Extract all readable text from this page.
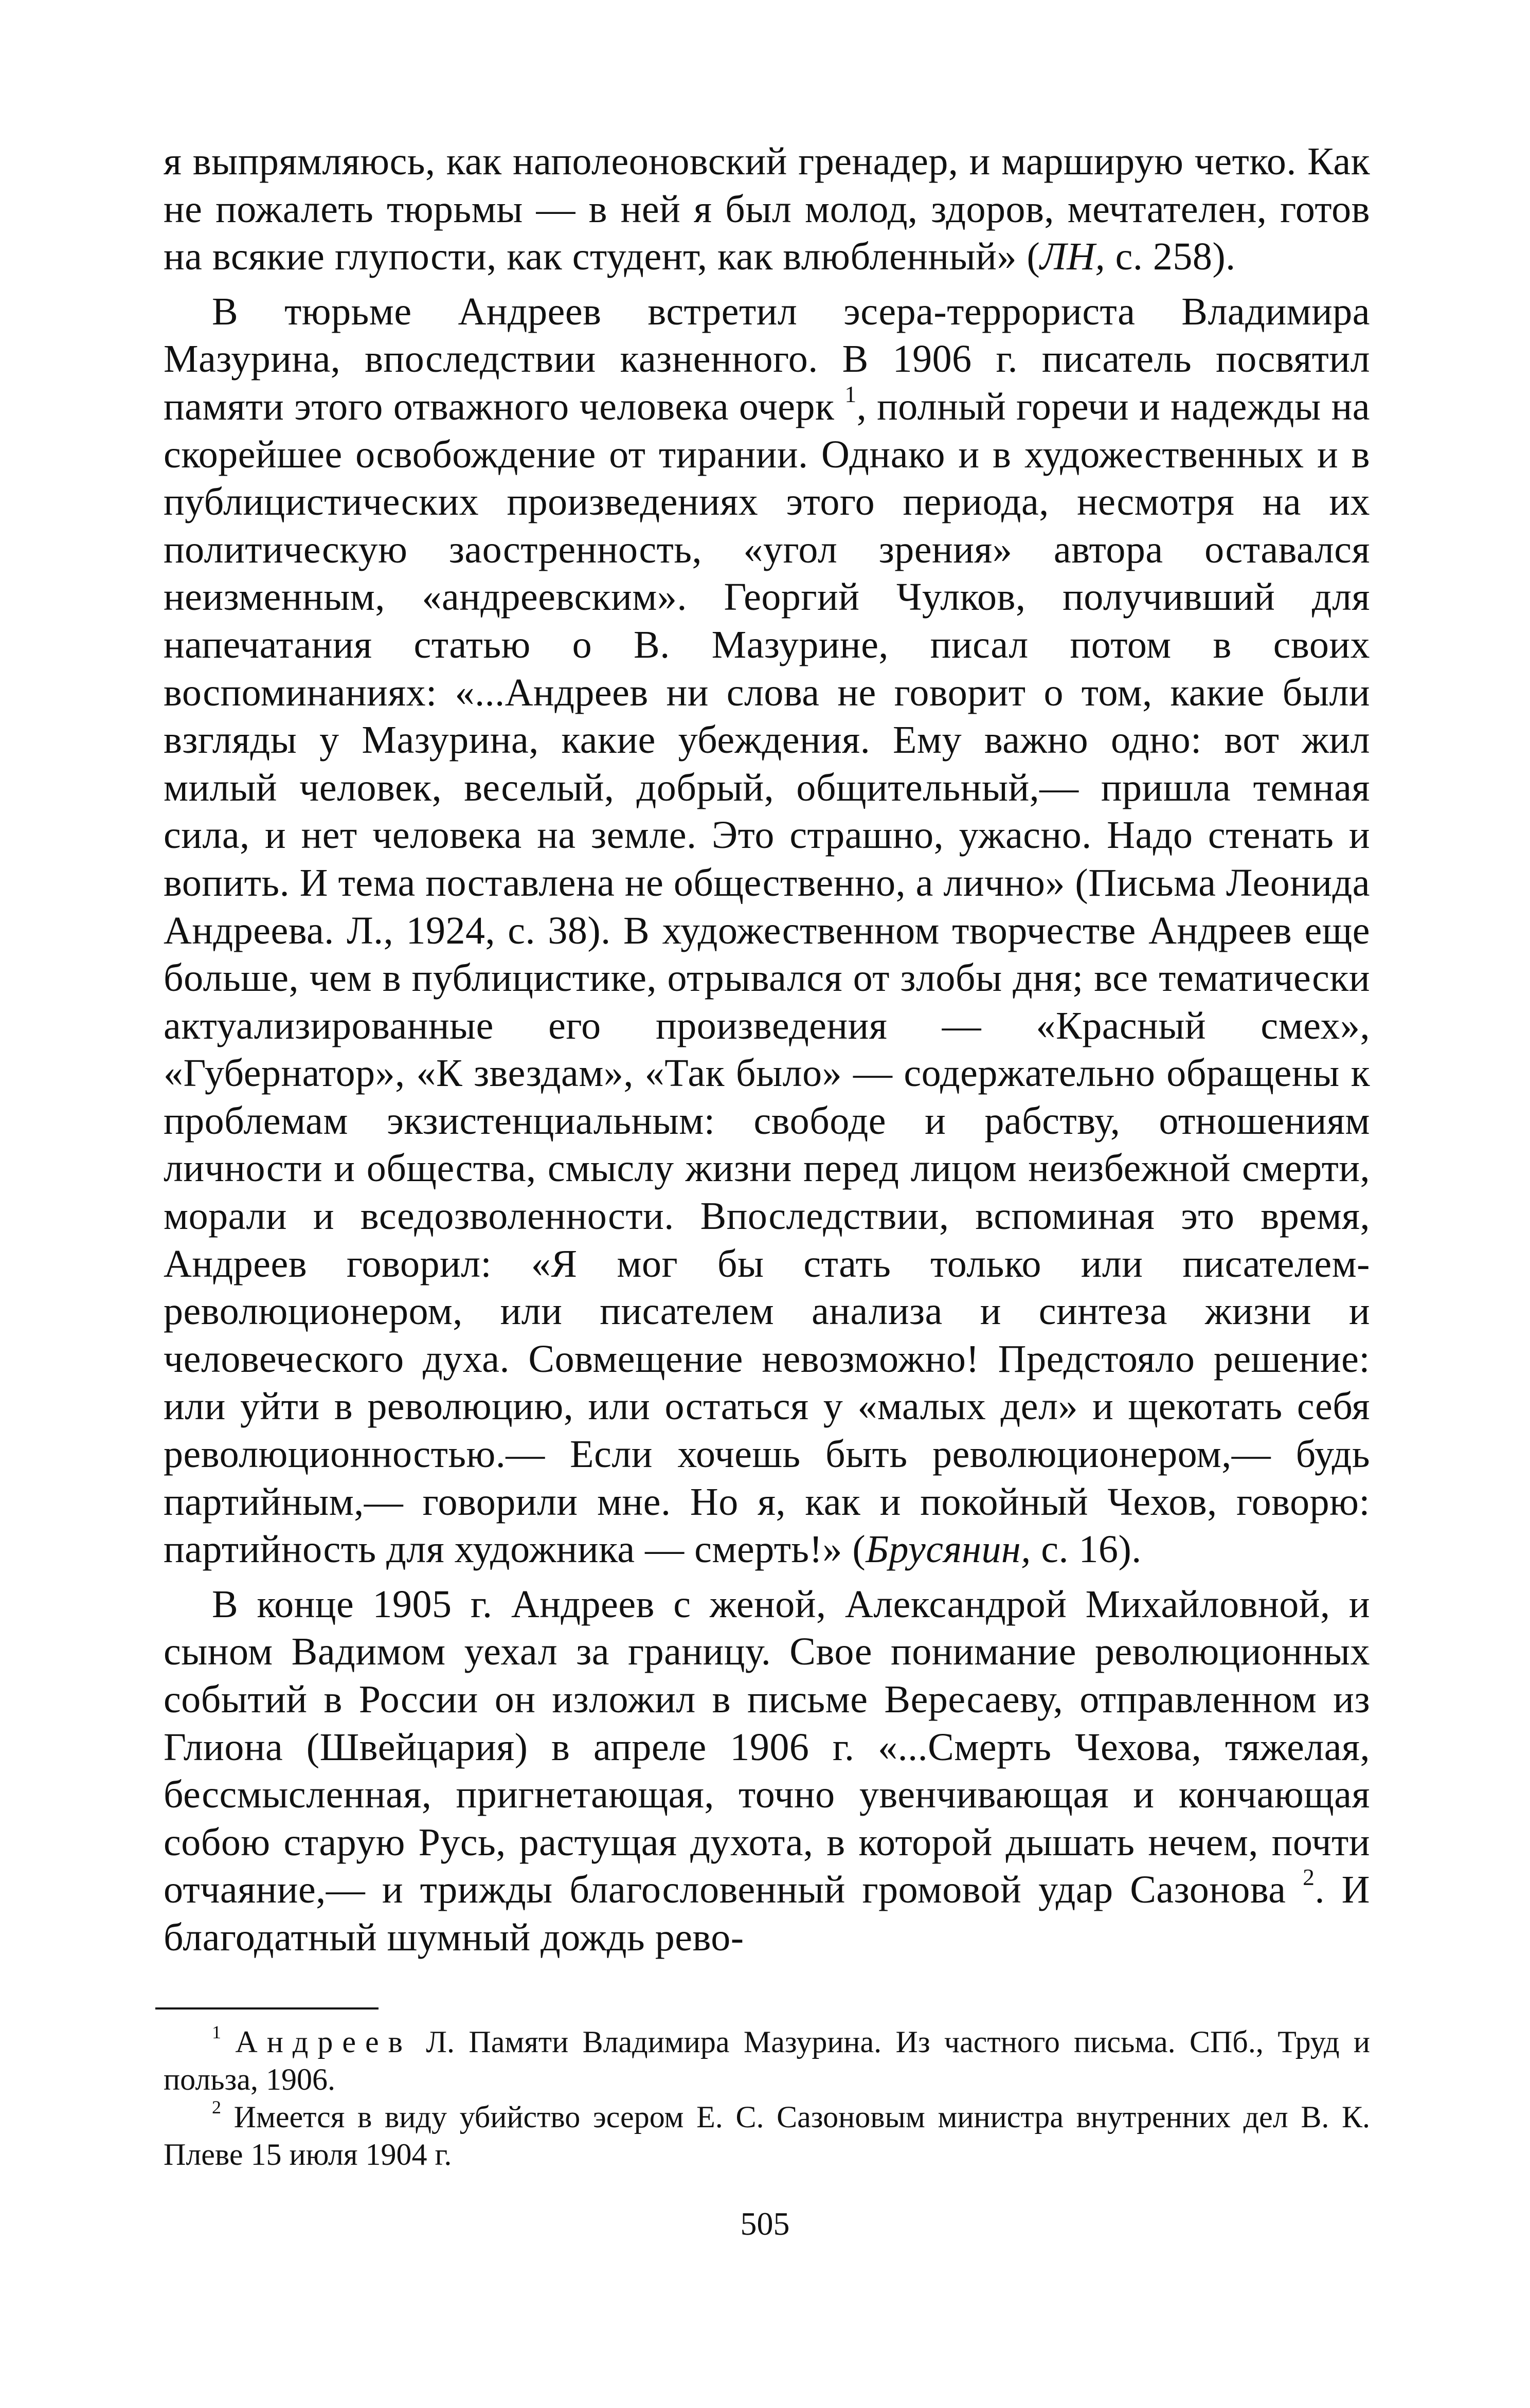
я выпрямляюсь, как наполеоновский гренадер, и марширую четко. Как не пожалеть тюрьмы — в ней я был молод, здоров, мечтателен, готов на всякие глупости, как студент, как влюбленный» (ЛН, с. 258).

В тюрьме Андреев встретил эсера-террориста Владимира Мазурина, впоследствии казненного. В 1906 г. писатель посвятил памяти этого отважного человека очерк $^1$, полный горечи и надежды на скорейшее освобождение от тирании. Однако и в художественных и в публицистических произведениях этого периода, несмотря на их политическую заостренность, «угол зрения» автора оставался неизменным, «андреевским». Георгий Чулков, получивший для напечатания статью о В. Мазурине, писал потом в своих воспоминаниях: «...Андреев ни слова не говорит о том, какие были взгляды у Мазурина, какие убеждения. Ему важно одно: вот жил милый человек, веселый, добрый, общительный,— пришла темная сила, и нет человека на земле. Это страшно, ужасно. Надо стенать и вопить. И тема поставлена не общественно, а лично» (Письма Леонида Андреева. Л., 1924, с. 38). В художественном творчестве Андреев еще больше, чем в публицистике, отрывался от злобы дня; все тематически актуализированные его произведения — «Красный смех», «Губернатор», «К звездам», «Так было» — содержательно обращены к проблемам экзистенциальным: свободе и рабству, отношениям личности и общества, смыслу жизни перед лицом неизбежной смерти, морали и вседозволенности. Впоследствии, вспоминая это время, Андреев говорил: «Я мог бы стать только или писателем-революционером, или писателем анализа и синтеза жизни и человеческого духа. Совмещение невозможно! Предстояло решение: или уйти в революцию, или остаться у «малых дел» и щекотать себя революционностью.— Если хочешь быть революционером,— будь партийным,— говорили мне. Но я, как и покойный Чехов, говорю: партийность для художника — смерть!» (Брусянин, с. 16).

В конце 1905 г. Андреев с женой, Александрой Михайловной, и сыном Вадимом уехал за границу. Свое понимание революционных событий в России он изложил в письме Вересаеву, отправленном из Глиона (Швейцария) в апреле 1906 г. «...Смерть Чехова, тяжелая, бессмысленная, пригнетающая, точно увенчивающая и кончающая собою старую Русь, растущая духота, в которой дышать нечем, почти отчаяние,— и трижды благословенный громовой удар Сазонова $^2$. И благодатный шумный дождь рево-

$^1$ Андреев Л. Памяти Владимира Мазурина. Из частного письма. СПб., Труд и польза, 1906.

$^2$ Имеется в виду убийство эсером Е. С. Сазоновым министра внутренних дел В. К. Плеве 15 июля 1904 г.

505
